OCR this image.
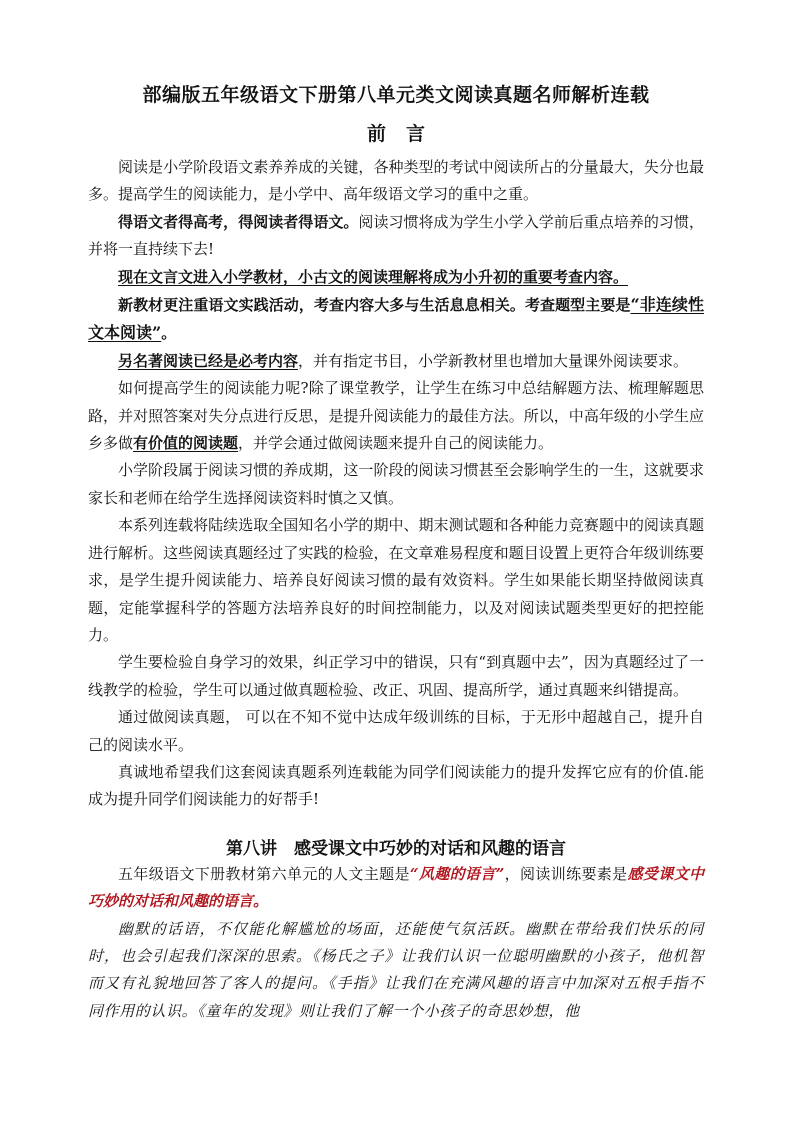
部编版五年级语文下册第八单元类文阅读真题名师解析连载
前言

阅读是小学阶段语文素养养成的关键，各种类型的考试中阅读所占的分量最大，失分也最多。提高学生的阅读能力，是小学中、高年级语文学习的重中之重。

得语文者得高考，得阅读者得语文。阅读习惯将成为学生小学入学前后重点培养的习惯，并将一直持续下去!

现在文言文进入小学教材，小古文的阅读理解将成为小升初的重要考查内容。

新教材更注重语文实践活动，考查内容大多与生活息息相关。考查题型主要是“非连续性文本阅读”。

另名著阅读已经是必考内容，并有指定书目，小学新教材里也增加大量课外阅读要求。

如何提高学生的阅读能力呢?除了课堂教学，让学生在练习中总结解题方法、梳理解题思路，并对照答案对失分点进行反思，是提升阅读能力的最佳方法。所以，中高年级的小学生应乡多做有价值的阅读题，并学会通过做阅读题来提升自己的阅读能力。

小学阶段属于阅读习惯的养成期，这一阶段的阅读习惯甚至会影响学生的一生，这就要求家长和老师在给学生选择阅读资料时慎之又慎。

本系列连载将陆续选取全国知名小学的期中、期末测试题和各种能力竞赛题中的阅读真题进行解析。这些阅读真题经过了实践的检验，在文章难易程度和题目设置上更符合年级训练要求，是学生提升阅读能力、培养良好阅读习惯的最有效资料。学生如果能长期坚持做阅读真题，定能掌握科学的答题方法培养良好的时间控制能力，以及对阅读试题类型更好的把控能力。

学生要检验自身学习的效果，纠正学习中的错误，只有“到真题中去”，因为真题经过了一线教学的检验，学生可以通过做真题检验、改正、巩固、提高所学，通过真题来纠错提高。

通过做阅读真题， 可以在不知不觉中达成年级训练的目标，于无形中超越自己，提升自己的阅读水平。

真诚地希望我们这套阅读真题系列连载能为同学们阅读能力的提升发挥它应有的价值.能成为提升同学们阅读能力的好帮手!

第八讲　感受课文中巧妙的对话和风趣的语言

五年级语文下册教材第六单元的人文主题是“风趣的语言”，阅读训练要素是感受课文中巧妙的对话和风趣的语言。

幽默的话语，不仅能化解尴尬的场面，还能使气氛活跃。幽默在带给我们快乐的同时，也会引起我们深深的思索。《杨氏之子》让我们认识一位聪明幽默的小孩子，他机智而又有礼貌地回答了客人的提问。《手指》让我们在充满风趣的语言中加深对五根手指不同作用的认识。《童年的发现》则让我们了解一个小孩子的奇思妙想，他
